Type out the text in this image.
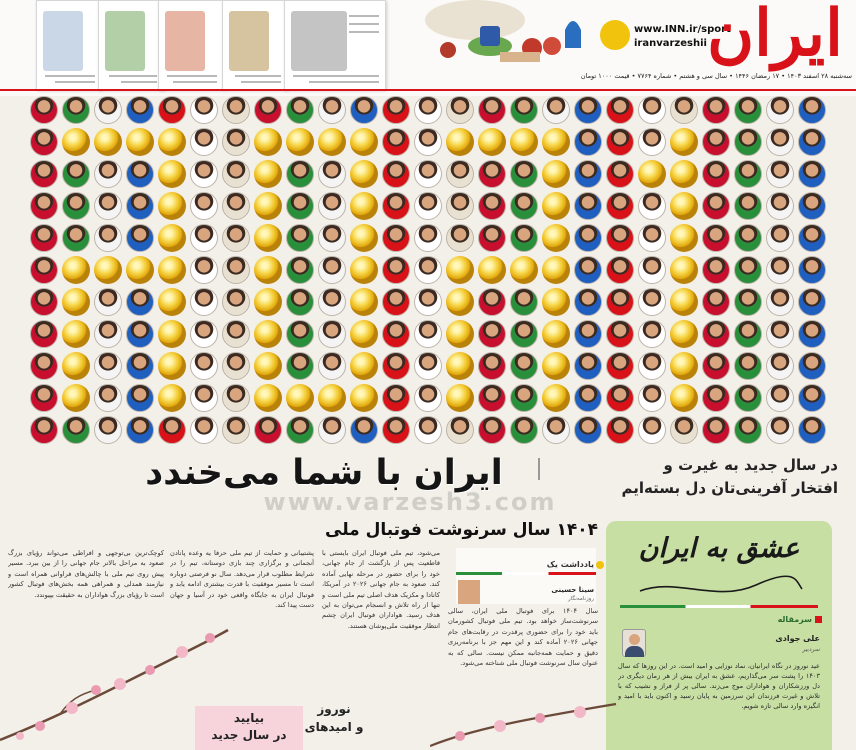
www.INN.ir/sport
iranvarzeshii ایران
سه‌شنبه ۲۸ اسفند ۱۴۰۳ • ۱۷ رمضان ۱۴۴۶ • سال سی و هشتم • شماره ۷۷۶۴ • قیمت ۱۰۰۰ تومان
ایران با شما می‌خندد	در سال جدید به غیرت و
افتخار آفرینی‌تان دل بسته‌ایم
www.varzesh3.com
۱۴۰۴ سال سرنوشت فوتبال ملی
یادداشت یک
سینا حسینی
روزنامه‌نگار
سال ۱۴۰۴ برای فوتبال ملی ایران، سالی سرنوشت‌ساز خواهد بود. تیم ملی فوتبال کشورمان باید خود را برای حضوری پرقدرت در رقابت‌های جام جهانی ۲۰۲۶ آماده کند و این مهم جز با برنامه‌ریزی دقیق و حمایت همه‌جانبه ممکن نیست. سالی که به عنوان سال سرنوشت فوتبال ملی شناخته می‌شود.
می‌شود، تیم ملی فوتبال ایران بایستی با قاطعیت پس از بازگشت از جام جهانی، خود را برای حضور در مرحله نهایی آماده کند. صعود به جام جهانی ۲۰۲۶ در آمریکا، کانادا و مکزیک هدف اصلی تیم ملی است و تنها از راه تلاش و انسجام می‌توان به این هدف رسید. هواداران فوتبال ایران چشم انتظار موفقیت ملی‌پوشان هستند.
پشتیبانی و حمایت از تیم ملی حرفا یه وعده پانادن آنجمانی و برگزاری چند بازی دوستانه، تیم را در شرایط مطلوب قرار می‌دهد. سال نو فرصتی دوباره است تا مسیر موفقیت با قدرت بیشتری ادامه یابد و فوتبال ایران به جایگاه واقعی خود در آسیا و جهان دست پیدا کند.
کوچک‌ترین بی‌توجهی و افراطی می‌تواند رؤیای بزرگ صعود به مراحل بالاتر جام جهانی را از بین ببرد. مسیر پیش روی تیم ملی با چالش‌های فراوانی همراه است و نیازمند همدلی و همراهی همه بخش‌های فوتبال کشور است تا رؤیای بزرگ هواداران به حقیقت بپیوندد.
عشق به ایران
سرمقاله
علی جوادی
سردبیر
عید نوروز در نگاه ایرانیان، نماد نوزایی و امید است. در این روزها که سال ۱۴۰۳ را پشت سر می‌گذاریم، عشق به ایران بیش از هر زمان دیگری در دل ورزشکاران و هواداران موج می‌زند. سالی پر از فراز و نشیب که با تلاش و غیرت فرزندان این سرزمین به پایان رسید و اکنون باید با امید و انگیزه وارد سالی تازه شویم.
بیایید
در سال جدید
نوروز
و امیدهای
